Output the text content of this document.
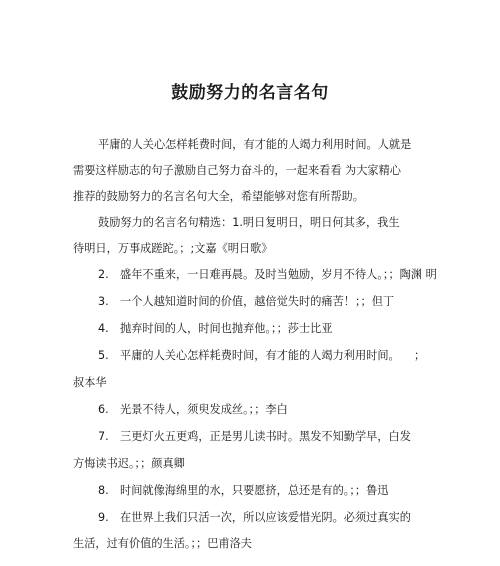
鼓励努力的名言名句
平庸的人关心怎样耗费时间，有才能的人竭力利用时间。人就是
需要这样励志的句子激励自己努力奋斗的，一起来看看 为大家精心
推荐的鼓励努力的名言名句大全，希望能够对您有所帮助。
鼓励努力的名言名句精选：1.明日复明日，明日何其多，我生
待明日，万事成蹉跎。；;文嘉《明日歌》
2. 盛年不重来，一日难再晨。及时当勉励，岁月不待人。；；陶渊 明
3. 一个人越知道时间的价值，越倍觉失时的痛苦！；；但丁
4. 抛弃时间的人，时间也抛弃他。；；莎士比亚
5. 平庸的人关心怎样耗费时间，有才能的人竭力利用时间。 ；
叔本华
6. 光景不待人，须臾发成丝。；；李白
7. 三更灯火五更鸡，正是男儿读书时。黑发不知勤学早，白发
方悔读书迟。；；颜真卿
8. 时间就像海绵里的水，只要愿挤，总还是有的。；；鲁迅
9. 在世界上我们只活一次，所以应该爱惜光阴。必须过真实的
生活，过有价值的生活。；；巴甫洛夫
